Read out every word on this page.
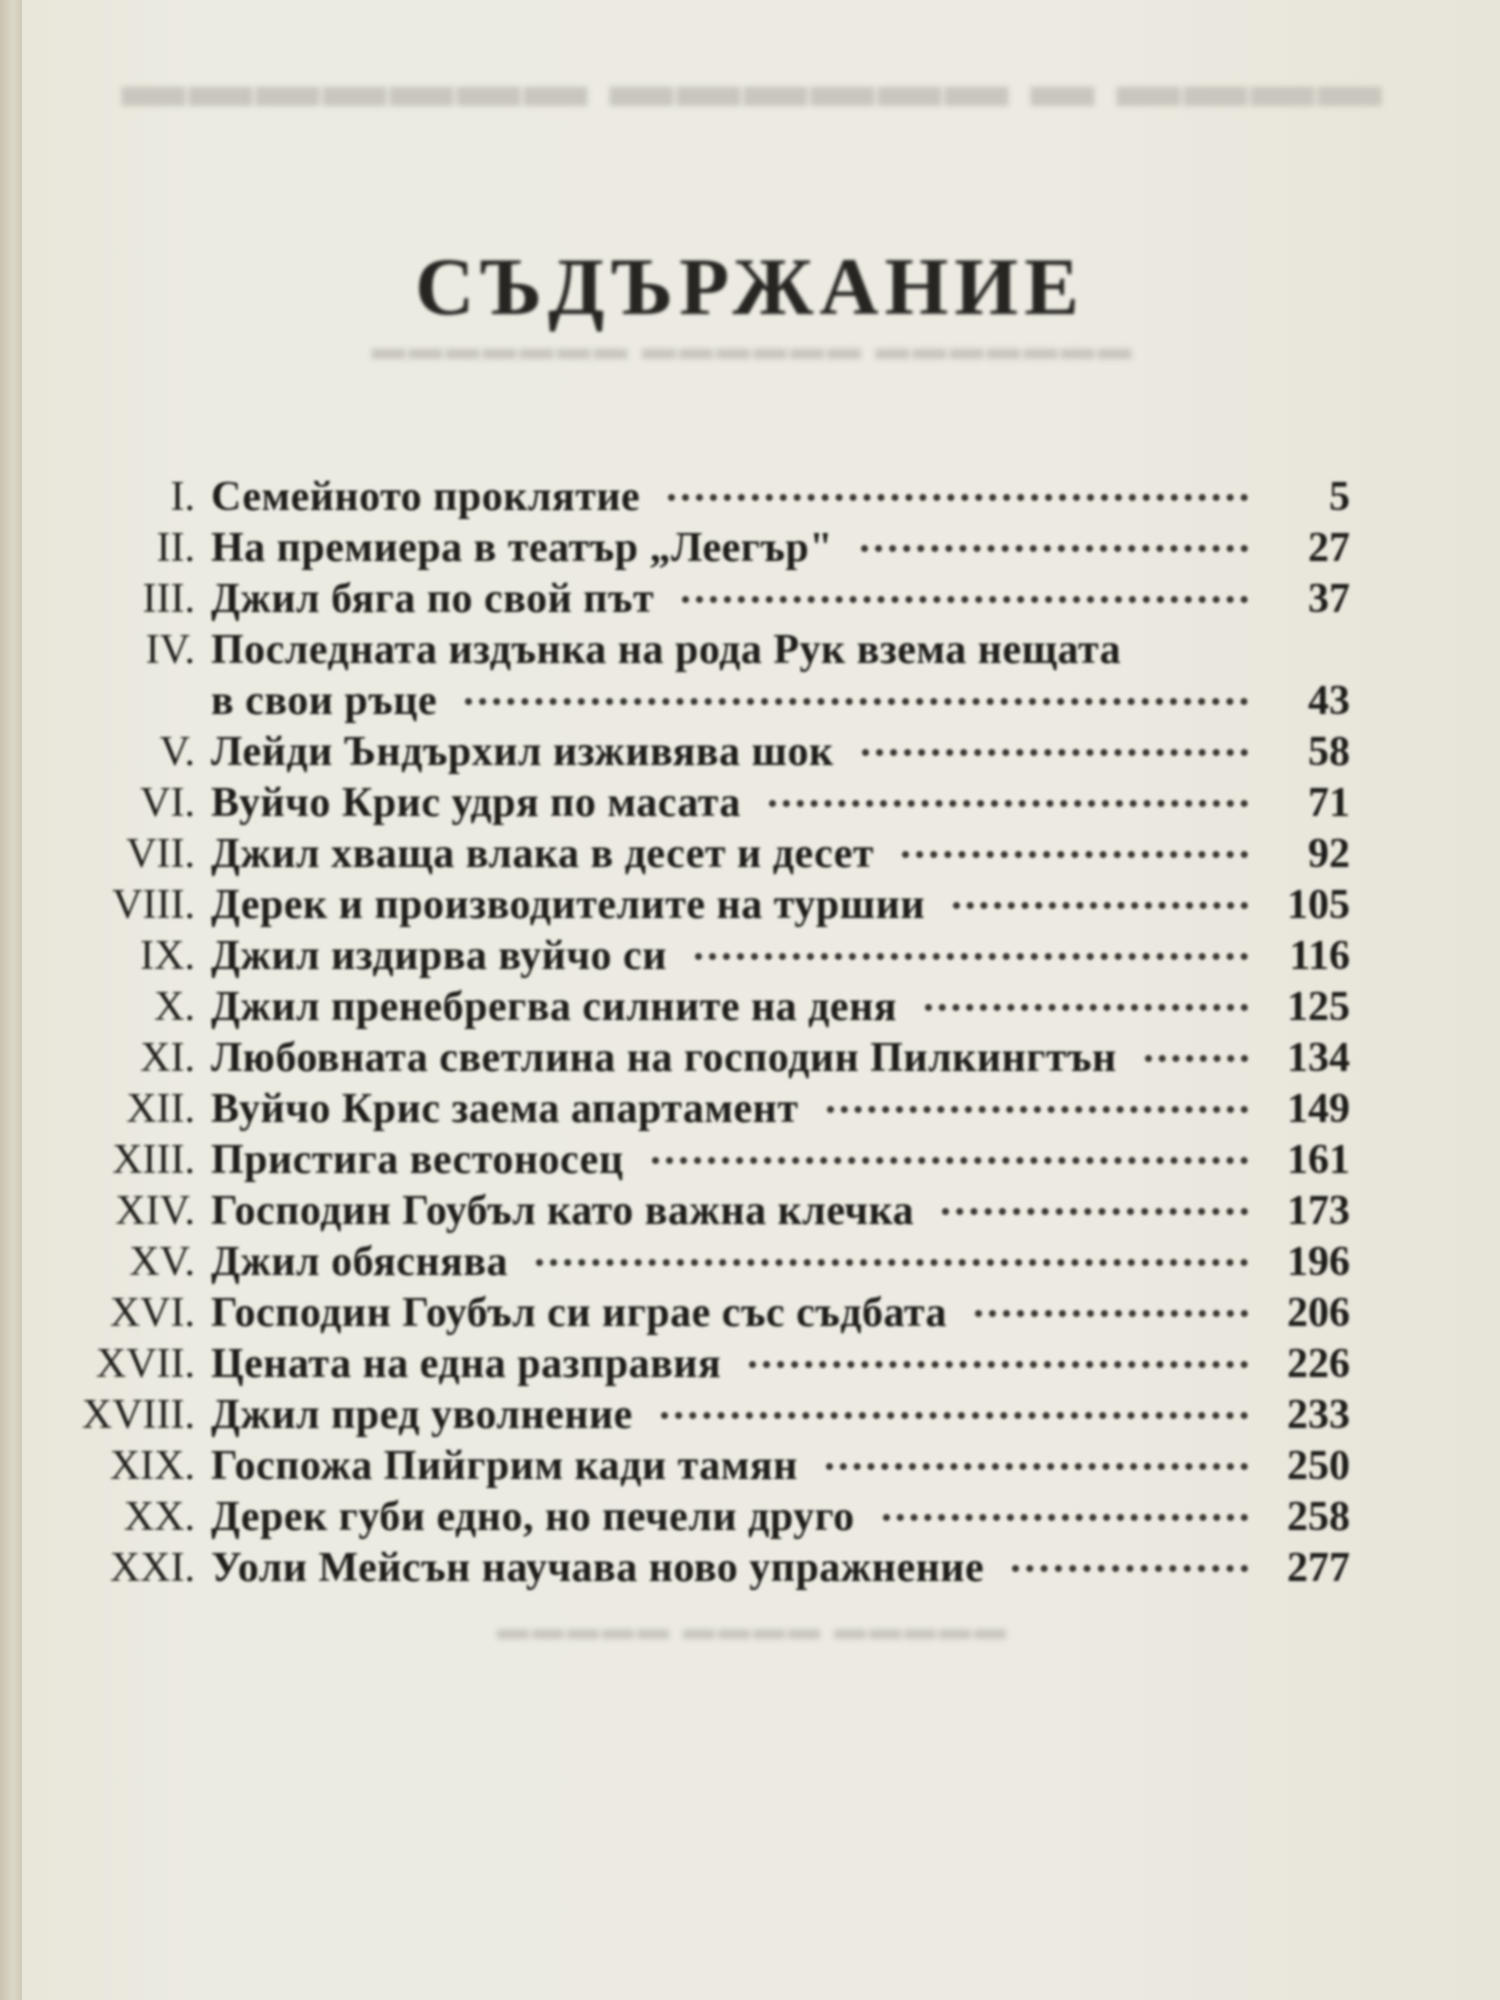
▬▬▬▬ ▬ ▬▬▬▬▬▬ ▬▬▬▬▬▬▬
▬▬▬▬▬▬▬ ▬▬▬▬▬▬ ▬▬▬▬▬▬▬
▬▬▬▬▬ ▬▬▬▬ ▬▬▬▬▬
СЪДЪРЖАНИЕ
I. Семейното проклятие	5
II. На премиера в театър „Леегър"	27
III. Джил бяга по свой път	37
IV. Последната издънка на рода Рук взема нещата
в свои ръце	43
V. Лейди Ъндърхил изживява шок	58
VI. Вуйчо Крис удря по масата	71
VII. Джил хваща влака в десет и десет	92
VIII. Дерек и производителите на туршии	105
IX. Джил издирва вуйчо си	116
X. Джил пренебрегва силните на деня	125
XI. Любовната светлина на господин Пилкингтън	134
XII. Вуйчо Крис заема апартамент	149
XIII. Пристига вестоносец	161
XIV. Господин Гоубъл като важна клечка	173
XV. Джил обяснява	196
XVI. Господин Гоубъл си играе със съдбата	206
XVII. Цената на една разправия	226
XVIII. Джил пред уволнение	233
XIX. Госпожа Пийгрим кади тамян	250
XX. Дерек губи едно, но печели друго	258
XXI. Уоли Мейсън научава ново упражнение	277
